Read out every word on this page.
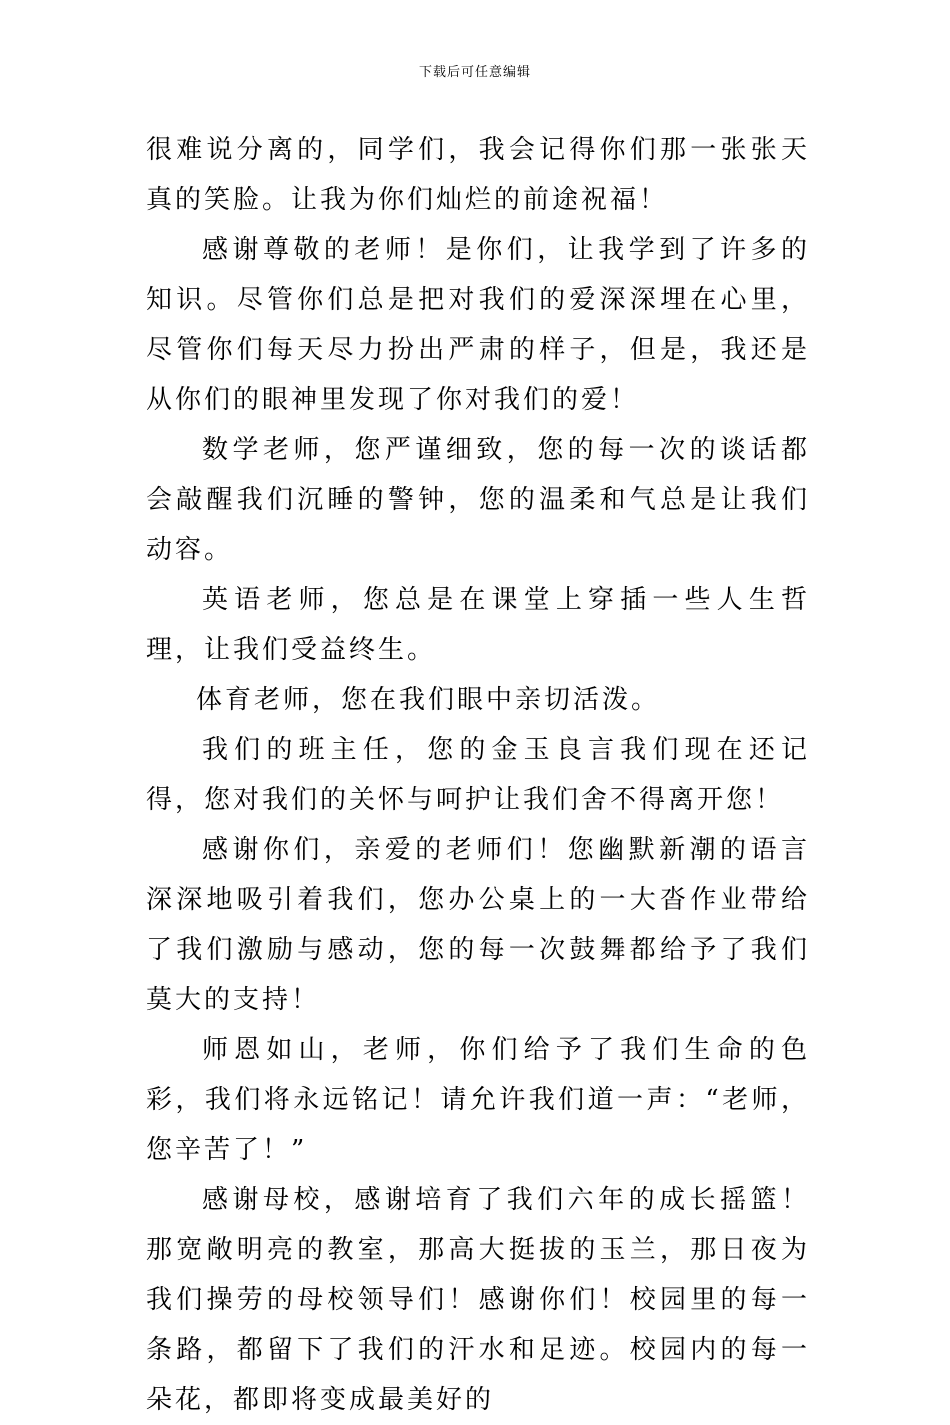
下载后可任意编辑

很难说分离的，同学们，我会记得你们那一张张天真的笑脸。让我为你们灿烂的前途祝福！

感谢尊敬的老师！是你们，让我学到了许多的知识。尽管你们总是把对我们的爱深深埋在心里，尽管你们每天尽力扮出严肃的样子，但是，我还是从你们的眼神里发现了你对我们的爱！

数学老师，您严谨细致，您的每一次的谈话都会敲醒我们沉睡的警钟，您的温柔和气总是让我们动容。

英语老师，您总是在课堂上穿插一些人生哲理，让我们受益终生。

体育老师，您在我们眼中亲切活泼。

我们的班主任，您的金玉良言我们现在还记得，您对我们的关怀与呵护让我们舍不得离开您！

感谢你们，亲爱的老师们！您幽默新潮的语言深深地吸引着我们，您办公桌上的一大沓作业带给了我们激励与感动，您的每一次鼓舞都给予了我们莫大的支持！

师恩如山，老师，你们给予了我们生命的色彩，我们将永远铭记！请允许我们道一声：“老师，您辛苦了！”

感谢母校，感谢培育了我们六年的成长摇篮！那宽敞明亮的教室，那高大挺拔的玉兰，那日夜为我们操劳的母校领导们！感谢你们！校园里的每一条路，都留下了我们的汗水和足迹。校园内的每一朵花，都即将变成最美好的
